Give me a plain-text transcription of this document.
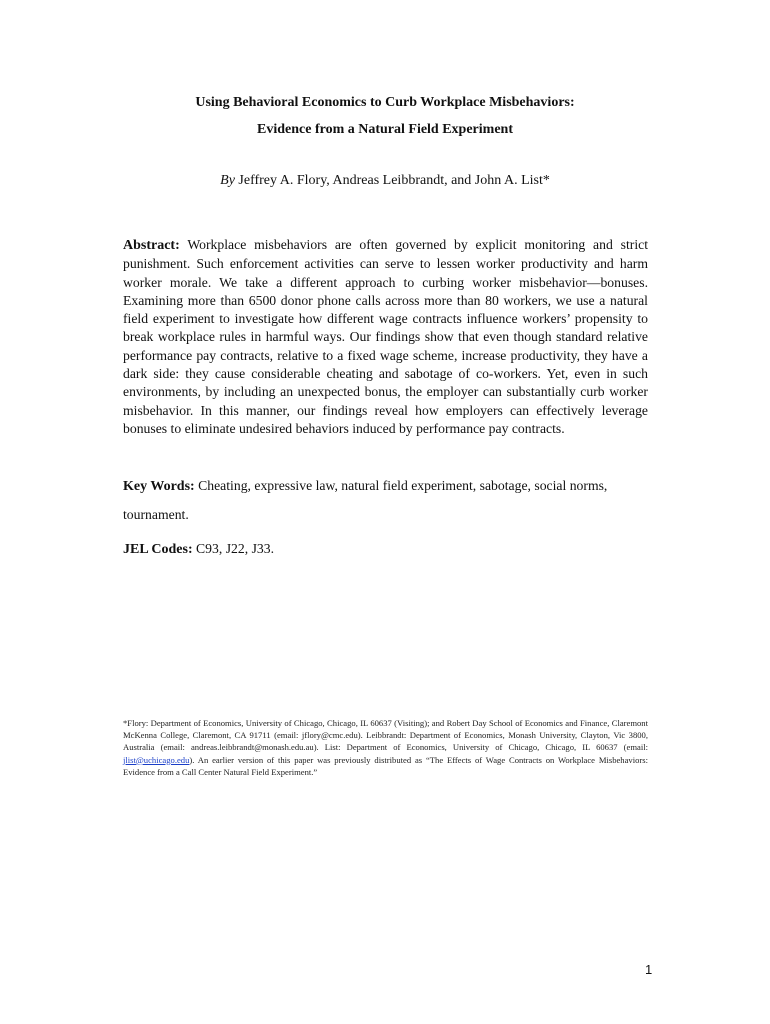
Using Behavioral Economics to Curb Workplace Misbehaviors:
Evidence from a Natural Field Experiment
By Jeffrey A. Flory, Andreas Leibbrandt, and John A. List*

Abstract: Workplace misbehaviors are often governed by explicit monitoring and strict punishment. Such enforcement activities can serve to lessen worker productivity and harm worker morale. We take a different approach to curbing worker misbehavior—bonuses. Examining more than 6500 donor phone calls across more than 80 workers, we use a natural field experiment to investigate how different wage contracts influence workers’ propensity to break workplace rules in harmful ways. Our findings show that even though standard relative performance pay contracts, relative to a fixed wage scheme, increase productivity, they have a dark side: they cause considerable cheating and sabotage of co-workers. Yet, even in such environments, by including an unexpected bonus, the employer can substantially curb worker misbehavior. In this manner, our findings reveal how employers can effectively leverage bonuses to eliminate undesired behaviors induced by performance pay contracts.

Key Words: Cheating, expressive law, natural field experiment, sabotage, social norms, tournament.

JEL Codes: C93, J22, J33.

*Flory: Department of Economics, University of Chicago, Chicago, IL 60637 (Visiting); and Robert Day School of Economics and Finance, Claremont McKenna College, Claremont, CA 91711 (email: jflory@cmc.edu). Leibbrandt: Department of Economics, Monash University, Clayton, Vic 3800, Australia (email: andreas.leibbrandt@monash.edu.au). List: Department of Economics, University of Chicago, Chicago, IL 60637 (email: jlist@uchicago.edu). An earlier version of this paper was previously distributed as “The Effects of Wage Contracts on Workplace Misbehaviors: Evidence from a Call Center Natural Field Experiment.”

1
